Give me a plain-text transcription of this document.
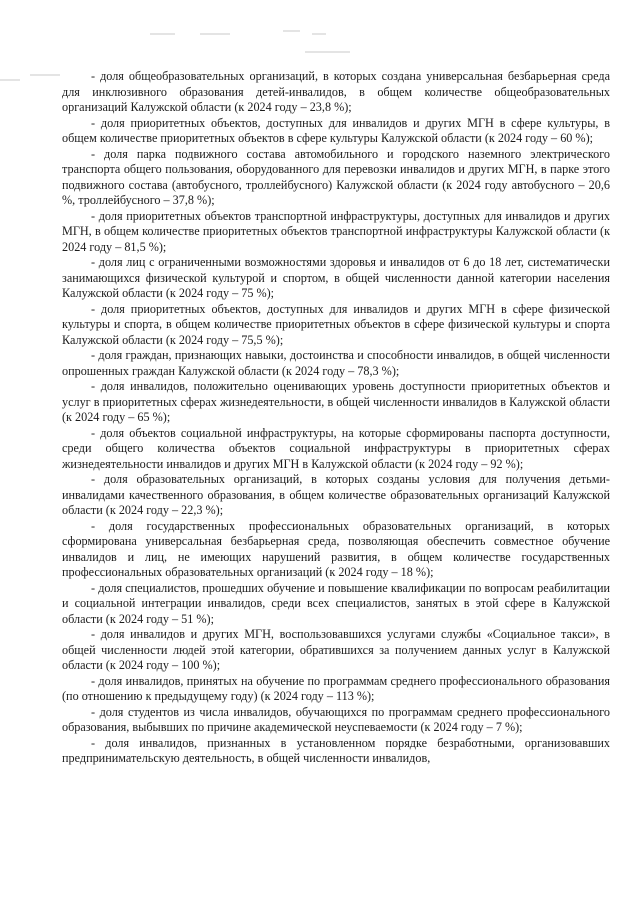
- доля общеобразовательных организаций, в которых создана универсальная безбарьерная среда для инклюзивного образования детей-инвалидов, в общем количестве общеобразовательных организаций Калужской области (к 2024 году – 23,8 %);

- доля приоритетных объектов, доступных для инвалидов и других МГН в сфере культуры, в общем количестве приоритетных объектов в сфере культуры Калужской области (к 2024 году – 60 %);

- доля парка подвижного состава автомобильного и городского наземного электрического транспорта общего пользования, оборудованного для перевозки инвалидов и других МГН, в парке этого подвижного состава (автобусного, троллейбусного) Калужской области (к 2024 году автобусного – 20,6 %, троллейбусного – 37,8 %);

- доля приоритетных объектов транспортной инфраструктуры, доступных для инвалидов и других МГН, в общем количестве приоритетных объектов транспортной инфраструктуры Калужской области (к 2024 году – 81,5 %);

- доля лиц с ограниченными возможностями здоровья и инвалидов от 6 до 18 лет, систематически занимающихся физической культурой и спортом, в общей численности данной категории населения Калужской области (к 2024 году – 75 %);

- доля приоритетных объектов, доступных для инвалидов и других МГН в сфере физической культуры и спорта, в общем количестве приоритетных объектов в сфере физической культуры и спорта Калужской области (к 2024 году – 75,5 %);

- доля граждан, признающих навыки, достоинства и способности инвалидов, в общей численности опрошенных граждан Калужской области (к 2024 году – 78,3 %);

- доля инвалидов, положительно оценивающих уровень доступности приоритетных объектов и услуг в приоритетных сферах жизнедеятельности, в общей численности инвалидов в Калужской области (к 2024 году – 65 %);

- доля объектов социальной инфраструктуры, на которые сформированы паспорта доступности, среди общего количества объектов социальной инфраструктуры в приоритетных сферах жизнедеятельности инвалидов и других МГН в Калужской области (к 2024 году – 92 %);

- доля образовательных организаций, в которых созданы условия для получения детьми-инвалидами качественного образования, в общем количестве образовательных организаций Калужской области (к 2024 году – 22,3 %);

- доля государственных профессиональных образовательных организаций, в которых сформирована универсальная безбарьерная среда, позволяющая обеспечить совместное обучение инвалидов и лиц, не имеющих нарушений развития, в общем количестве государственных профессиональных образовательных организаций (к 2024 году – 18 %);

- доля специалистов, прошедших обучение и повышение квалификации по вопросам реабилитации и социальной интеграции инвалидов, среди всех специалистов, занятых в этой сфере в Калужской области (к 2024 году – 51 %);

- доля инвалидов и других МГН, воспользовавшихся услугами службы «Социальное такси», в общей численности людей этой категории, обратившихся за получением данных услуг в Калужской области (к 2024 году – 100 %);

- доля инвалидов, принятых на обучение по программам среднего профессионального образования (по отношению к предыдущему году) (к 2024 году – 113 %);

- доля студентов из числа инвалидов, обучающихся по программам среднего профессионального образования, выбывших по причине академической неуспеваемости (к 2024 году – 7 %);

- доля инвалидов, признанных в установленном порядке безработными, организовавших предпринимательскую деятельность, в общей численности инвалидов,
